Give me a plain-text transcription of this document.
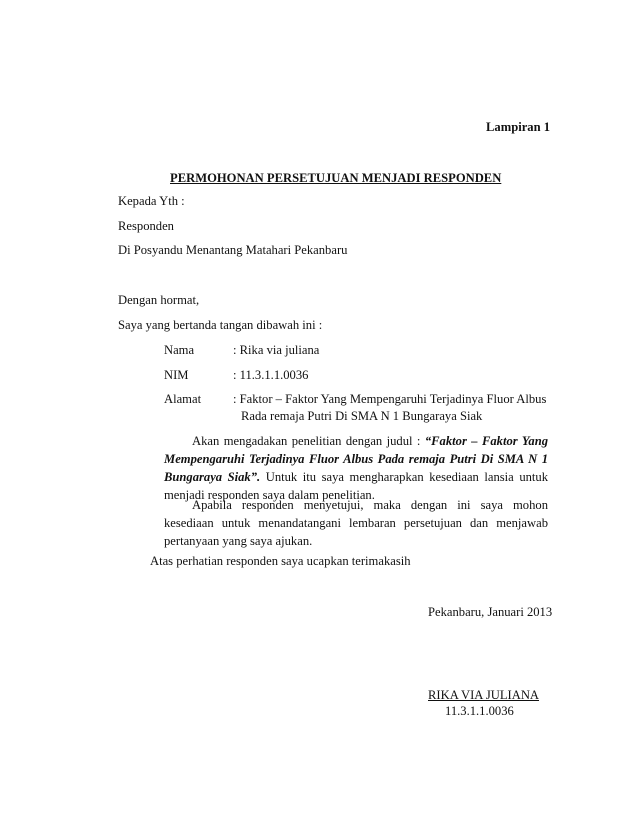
Lampiran 1
PERMOHONAN PERSETUJUAN MENJADI RESPONDEN
Kepada Yth :
Responden
Di Posyandu Menantang Matahari Pekanbaru
Dengan hormat,
Saya yang bertanda tangan dibawah ini :
Nama	: Rika via juliana
NIM	: 11.3.1.1.0036
Alamat	: Faktor – Faktor Yang Mempengaruhi Terjadinya Fluor Albus
Rada remaja Putri Di SMA N 1 Bungaraya Siak
Akan mengadakan penelitian dengan judul : “Faktor – Faktor Yang Mempengaruhi Terjadinya Fluor Albus Pada remaja Putri Di SMA N 1 Bungaraya Siak”. Untuk itu saya mengharapkan kesediaan lansia untuk menjadi responden saya dalam penelitian.
Apabila responden menyetujui, maka dengan ini saya mohon kesediaan untuk menandatangani lembaran persetujuan dan menjawab pertanyaan yang saya ajukan.
Atas perhatian responden saya ucapkan terimakasih
Pekanbaru, Januari 2013
RIKA VIA JULIANA
11.3.1.1.0036
